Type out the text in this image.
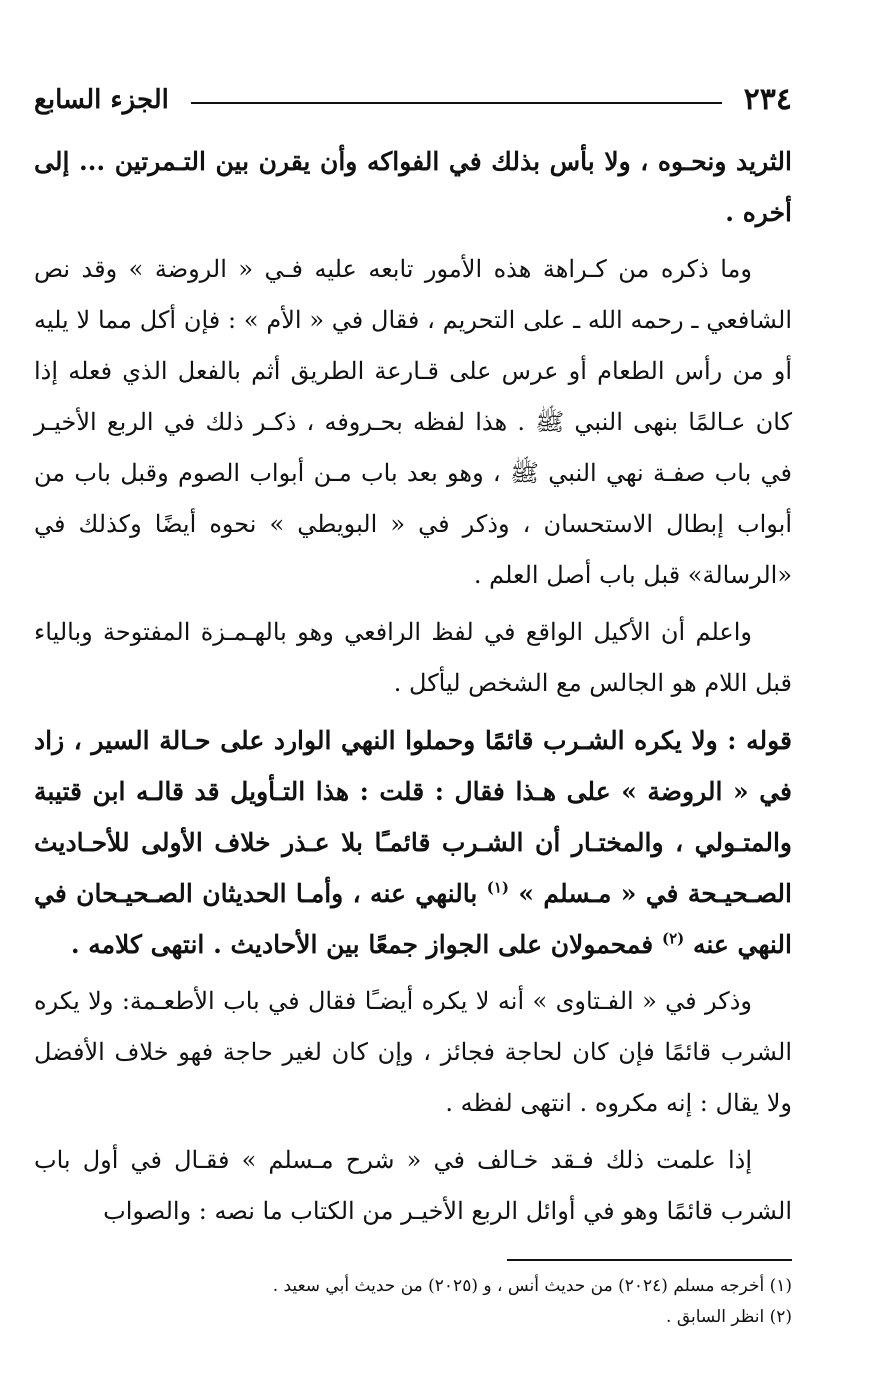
٢٣٤
الجزء السابع

الثريد ونحـوه ، ولا بأس بذلك في الفواكه وأن يقرن بين التـمرتين ... إلى أخره .

وما ذكره من كـراهة هذه الأمور تابعه عليه فـي « الروضة » وقد نص الشافعي ـ رحمه الله ـ على التحريم ، فقال في « الأم » : فإن أكل مما لا يليه أو من رأس الطعام أو عرس على قـارعة الطريق أثم بالفعل الذي فعله إذا كان عـالمًا بنهى النبي ﷺ . هذا لفظه بحـروفه ، ذكـر ذلك في الربع الأخيـر في باب صفـة نهي النبي ﷺ ، وهو بعد باب مـن أبواب الصوم وقبل باب من أبواب إبطال الاستحسان ، وذكر في « البويطي » نحوه أيضًا وكذلك في «الرسالة» قبل باب أصل العلم .

واعلم أن الأكيل الواقع في لفظ الرافعي وهو بالهـمـزة المفتوحة وبالياء قبل اللام هو الجالس مع الشخص ليأكل .

قوله : ولا يكره الشـرب قائمًا وحملوا النهي الوارد على حـالة السير ، زاد في « الروضة » على هـذا فقال : قلت : هذا التـأويل قد قالـه ابن قتيبة والمتـولي ، والمختـار أن الشـرب قائمـًا بلا عـذر خلاف الأولى للأحـاديث الصـحيـحة في « مـسلم » $^{(١)}$ بالنهي عنه ، وأمـا الحديثان الصـحيـحان في النهي عنه $^{(٢)}$ فمحمولان على الجواز جمعًا بين الأحاديث . انتهى كلامه .

وذكر في « الفـتاوى » أنه لا يكره أيضـًا فقال في باب الأطعـمة: ولا يكره الشرب قائمًا فإن كان لحاجة فجائز ، وإن كان لغير حاجة فهو خلاف الأفضل ولا يقال : إنه مكروه . انتهى لفظه .

إذا علمت ذلك فـقد خـالف في « شرح مـسلم » فقـال في أول باب الشرب قائمًا وهو في أوائل الربع الأخيـر من الكتاب ما نصه : والصواب

(١) أخرجه مسلم (٢٠٢٤) من حديث أنس ، و (٢٠٢٥) من حديث أبي سعيد .

(٢) انظر السابق .
